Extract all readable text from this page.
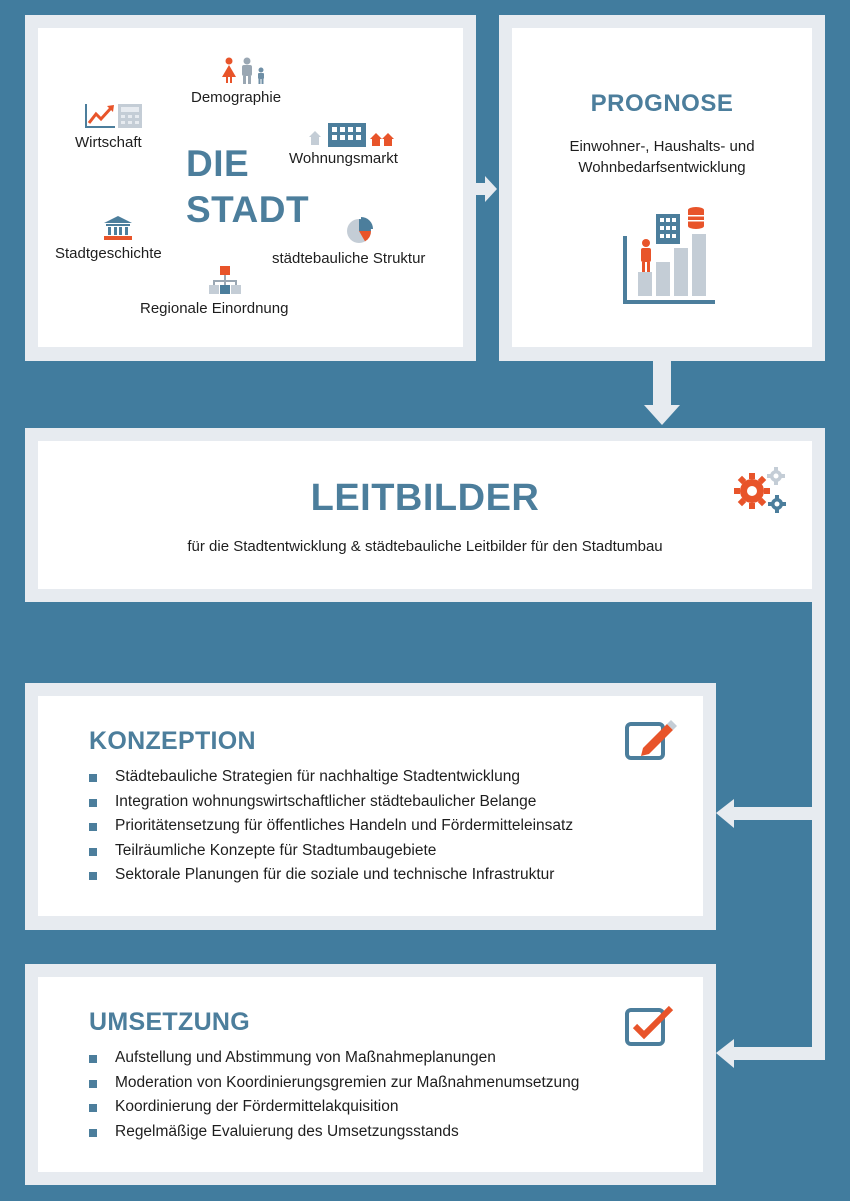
DIE
STADT
Demographie
Wirtschaft
Wohnungsmarkt
Stadtgeschichte	städtebauliche Struktur
Regionale Einordnung
PROGNOSE
Einwohner-, Haushalts- und
Wohnbedarfsentwicklung
LEITBILDER
für die Stadtentwicklung & städtebauliche Leitbilder für den Stadtumbau
KONZEPTION
Städtebauliche Strategien für nachhaltige Stadtentwicklung
Integration wohnungswirtschaftlicher städtebaulicher Belange
Prioritätensetzung für öffentliches Handeln und Fördermitteleinsatz
Teilräumliche Konzepte für Stadtumbaugebiete
Sektorale Planungen für die soziale und technische Infrastruktur
UMSETZUNG
Aufstellung und Abstimmung von Maßnahmeplanungen
Moderation von Koordinierungsgremien zur Maßnahmenumsetzung
Koordinierung der Fördermittelakquisition
Regelmäßige Evaluierung des Umsetzungsstands
